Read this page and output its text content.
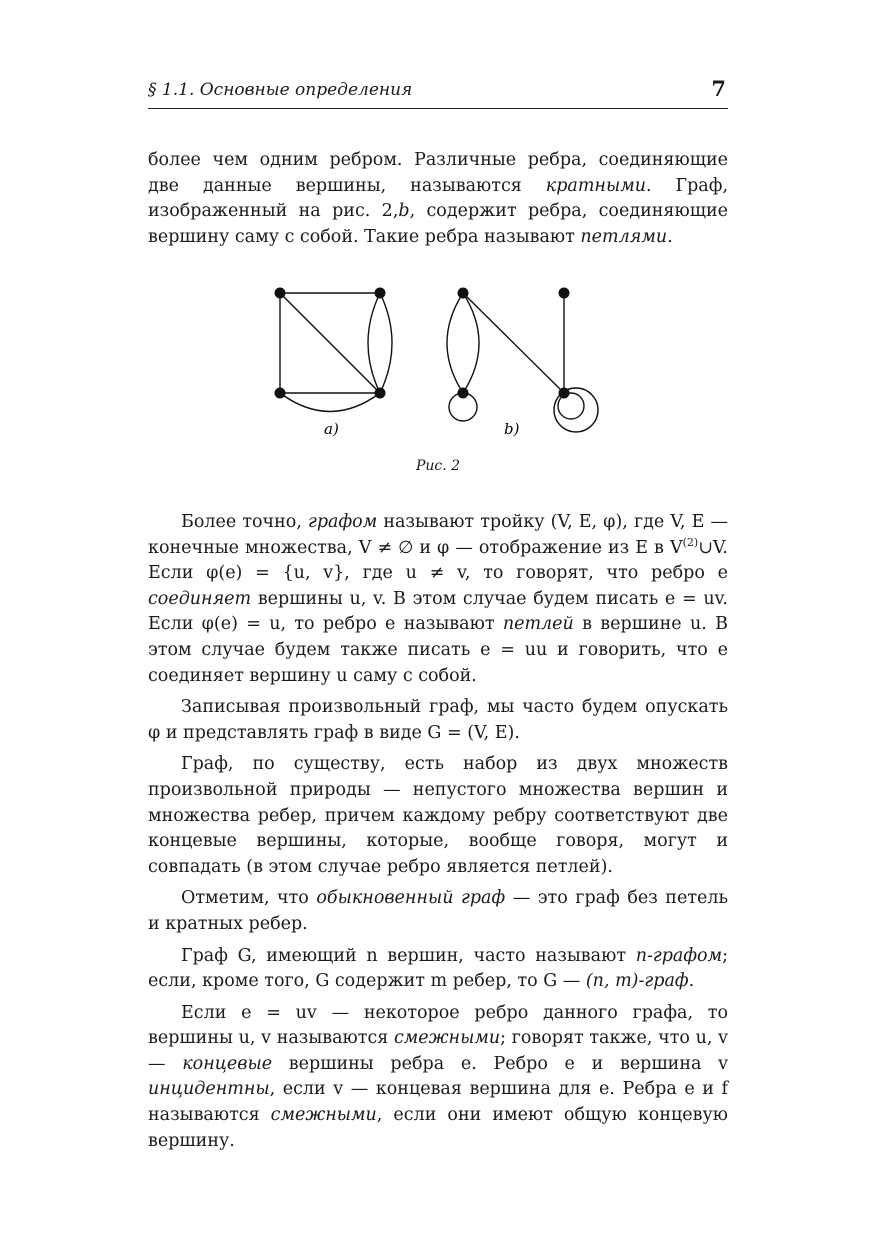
§ 1.1. Основные определения	7

более чем одним ребром. Различные ребра, соединяющие две данные вершины, называются кратными. Граф, изображенный на рис. 2,b, содержит ребра, соединяющие вершину саму с собой. Такие ребра называют петлями.

a)	b)
Рис. 2

Более точно, графом называют тройку (V, E, φ), где V, E — конечные множества, V ≠ ∅ и φ — отображение из E в $V^{(2)}\cup V$. Если φ(e) = {u, v}, где u ≠ v, то говорят, что ребро e соединяет вершины u, v. В этом случае будем писать e = uv. Если φ(e) = u, то ребро e называют петлей в вершине u. В этом случае будем также писать e = uu и говорить, что e соединяет вершину u саму с собой.

Записывая произвольный граф, мы часто будем опускать φ и представлять граф в виде G = (V, E).

Граф, по существу, есть набор из двух множеств произвольной природы — непустого множества вершин и множества ребер, причем каждому ребру соответствуют две концевые вершины, которые, вообще говоря, могут и совпадать (в этом случае ребро является петлей).

Отметим, что обыкновенный граф — это граф без петель и кратных ребер.

Граф G, имеющий n вершин, часто называют n-графом; если, кроме того, G содержит m ребер, то G — (n, m)-граф.

Если e = uv — некоторое ребро данного графа, то вершины u, v называются смежными; говорят также, что u, v — концевые вершины ребра e. Ребро e и вершина v инцидентны, если v — концевая вершина для e. Ребра e и f называются смежными, если они имеют общую концевую вершину.
